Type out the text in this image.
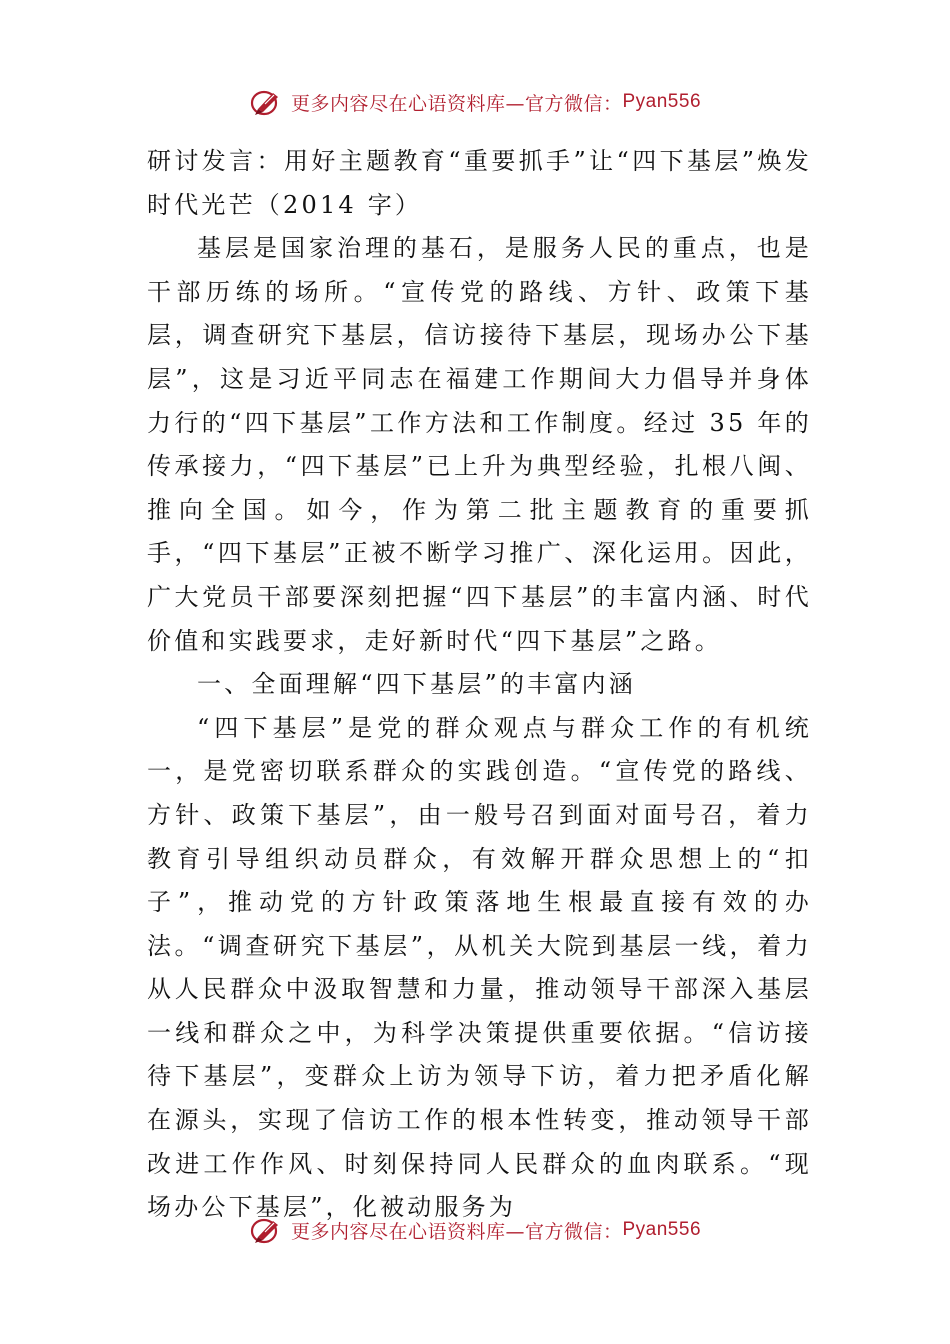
更多内容尽在心语资料库—官方微信： Pyan556

研讨发言：用好主题教育“重要抓手”让“四下基层”焕发时代光芒（2014 字）

基层是国家治理的基石，是服务人民的重点，也是干部历练的场所。“宣传党的路线、方针、政策下基层，调查研究下基层，信访接待下基层，现场办公下基层”，这是习近平同志在福建工作期间大力倡导并身体力行的“四下基层”工作方法和工作制度。经过 35 年的传承接力，“四下基层”已上升为典型经验，扎根八闽、推向全国。如今，作为第二批主题教育的重要抓手，“四下基层”正被不断学习推广、深化运用。因此，广大党员干部要深刻把握“四下基层”的丰富内涵、时代价值和实践要求，走好新时代“四下基层”之路。

一、全面理解“四下基层”的丰富内涵

“四下基层”是党的群众观点与群众工作的有机统一，是党密切联系群众的实践创造。“宣传党的路线、方针、政策下基层”，由一般号召到面对面号召，着力教育引导组织动员群众，有效解开群众思想上的“扣子”，推动党的方针政策落地生根最直接有效的办法。“调查研究下基层”，从机关大院到基层一线，着力从人民群众中汲取智慧和力量，推动领导干部深入基层一线和群众之中，为科学决策提供重要依据。“信访接待下基层”，变群众上访为领导下访，着力把矛盾化解在源头，实现了信访工作的根本性转变，推动领导干部改进工作作风、时刻保持同人民群众的血肉联系。“现场办公下基层”，化被动服务为

更多内容尽在心语资料库—官方微信： Pyan556
